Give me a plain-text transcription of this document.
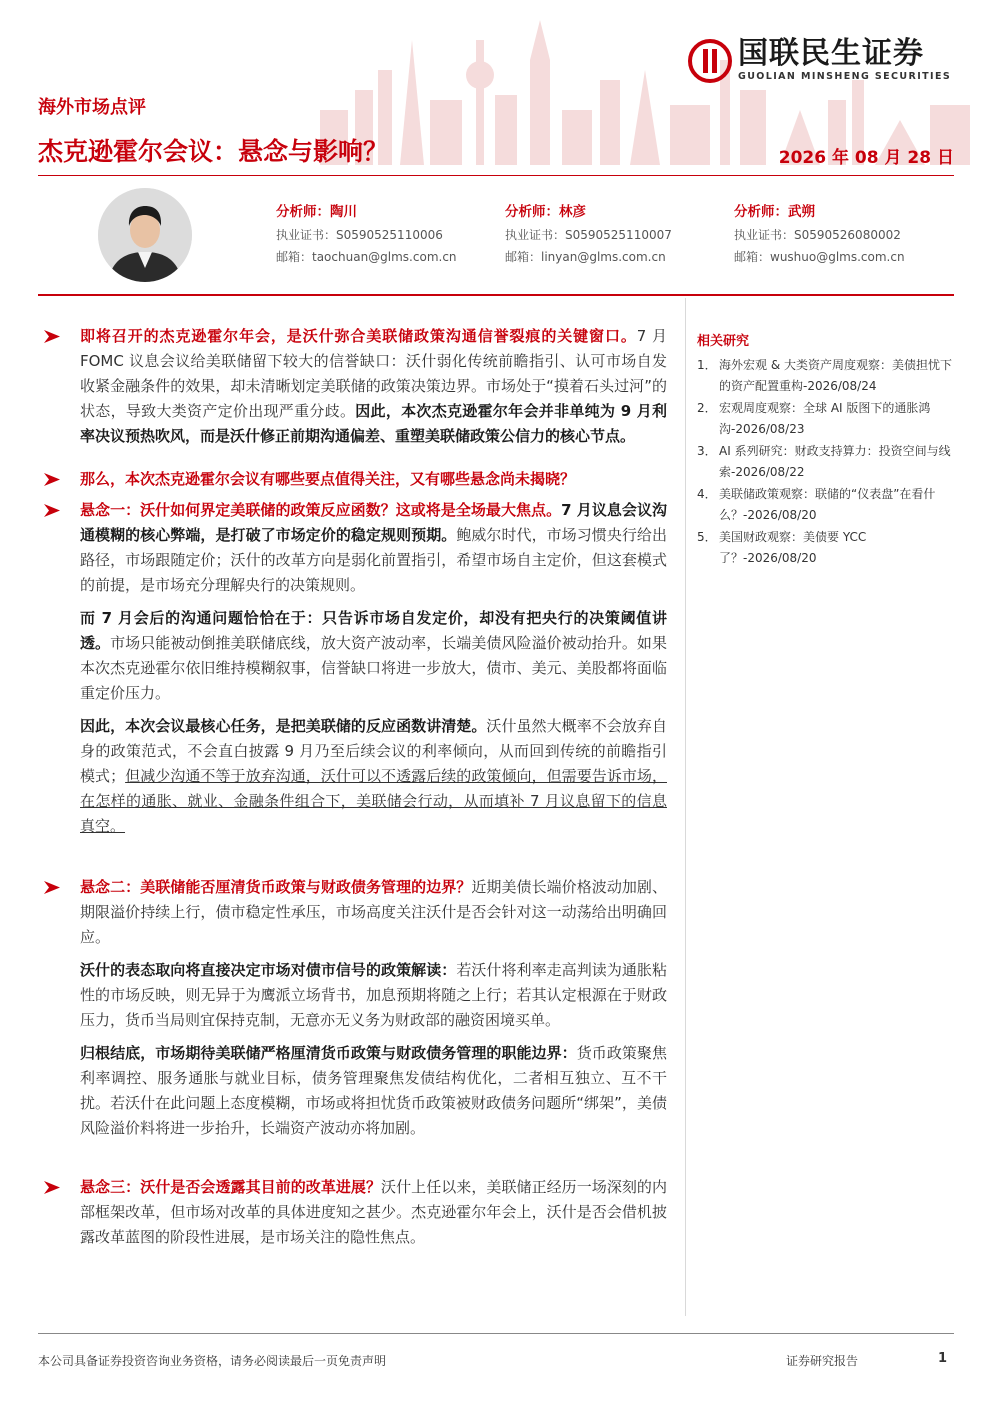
国联民生证券
GUOLIAN MINSHENG SECURITIES
海外市场点评
杰克逊霍尔会议：悬念与影响？	2026 年 08 月 28 日
分析师：陶川
执业证书：S0590525110006
邮箱：taochuan@glms.com.cn
分析师：林彦
执业证书：S0590525110007
邮箱：linyan@glms.com.cn
分析师：武朔
执业证书：S0590526080002
邮箱：wushuo@glms.com.cn
即将召开的杰克逊霍尔年会，是沃什弥合美联储政策沟通信誉裂痕的关键窗口。7 月 FOMC 议息会议给美联储留下较大的信誉缺口：沃什弱化传统前瞻指引、认可市场自发收紧金融条件的效果，却未清晰划定美联储的政策决策边界。市场处于“摸着石头过河”的状态，导致大类资产定价出现严重分歧。因此，本次杰克逊霍尔年会并非单纯为 9 月利率决议预热吹风，而是沃什修正前期沟通偏差、重塑美联储政策公信力的核心节点。
那么，本次杰克逊霍尔会议有哪些要点值得关注，又有哪些悬念尚未揭晓？
悬念一：沃什如何界定美联储的政策反应函数？这或将是全场最大焦点。7 月议息会议沟通模糊的核心弊端，是打破了市场定价的稳定规则预期。鲍威尔时代，市场习惯央行给出路径，市场跟随定价；沃什的改革方向是弱化前置指引，希望市场自主定价，但这套模式的前提，是市场充分理解央行的决策规则。
而 7 月会后的沟通问题恰恰在于：只告诉市场自发定价，却没有把央行的决策阈值讲透。市场只能被动倒推美联储底线，放大资产波动率，长端美债风险溢价被动抬升。如果本次杰克逊霍尔依旧维持模糊叙事，信誉缺口将进一步放大，债市、美元、美股都将面临重定价压力。
因此，本次会议最核心任务，是把美联储的反应函数讲清楚。沃什虽然大概率不会放弃自身的政策范式，不会直白披露 9 月乃至后续会议的利率倾向，从而回到传统的前瞻指引模式；但减少沟通不等于放弃沟通，沃什可以不透露后续的政策倾向，但需要告诉市场，在怎样的通胀、就业、金融条件组合下，美联储会行动，从而填补 7 月议息留下的信息真空。
悬念二：美联储能否厘清货币政策与财政债务管理的边界？近期美债长端价格波动加剧、期限溢价持续上行，债市稳定性承压，市场高度关注沃什是否会针对这一动荡给出明确回应。
沃什的表态取向将直接决定市场对债市信号的政策解读：若沃什将利率走高判读为通胀粘性的市场反映，则无异于为鹰派立场背书，加息预期将随之上行；若其认定根源在于财政压力，货币当局则宜保持克制，无意亦无义务为财政部的融资困境买单。
归根结底，市场期待美联储严格厘清货币政策与财政债务管理的职能边界：货币政策聚焦利率调控、服务通胀与就业目标，债务管理聚焦发债结构优化，二者相互独立、互不干扰。若沃什在此问题上态度模糊，市场或将担忧货币政策被财政债务问题所“绑架”，美债风险溢价料将进一步抬升，长端资产波动亦将加剧。
悬念三：沃什是否会透露其目前的改革进展？沃什上任以来，美联储正经历一场深刻的内部框架改革，但市场对改革的具体进度知之甚少。杰克逊霍尔年会上，沃什是否会借机披露改革蓝图的阶段性进展，是市场关注的隐性焦点。
相关研究
1． 海外宏观 & 大类资产周度观察：美债担忧下的资产配置重构-2026/08/24
2． 宏观周度观察：全球 AI 版图下的通胀鸿沟-2026/08/23
3． AI 系列研究：财政支持算力：投资空间与线索-2026/08/22
4． 美联储政策观察：联储的“仪表盘”在看什么？-2026/08/20
5． 美国财政观察：美债要 YCC 了？-2026/08/20
本公司具备证券投资咨询业务资格，请务必阅读最后一页免责声明	证券研究报告	1
